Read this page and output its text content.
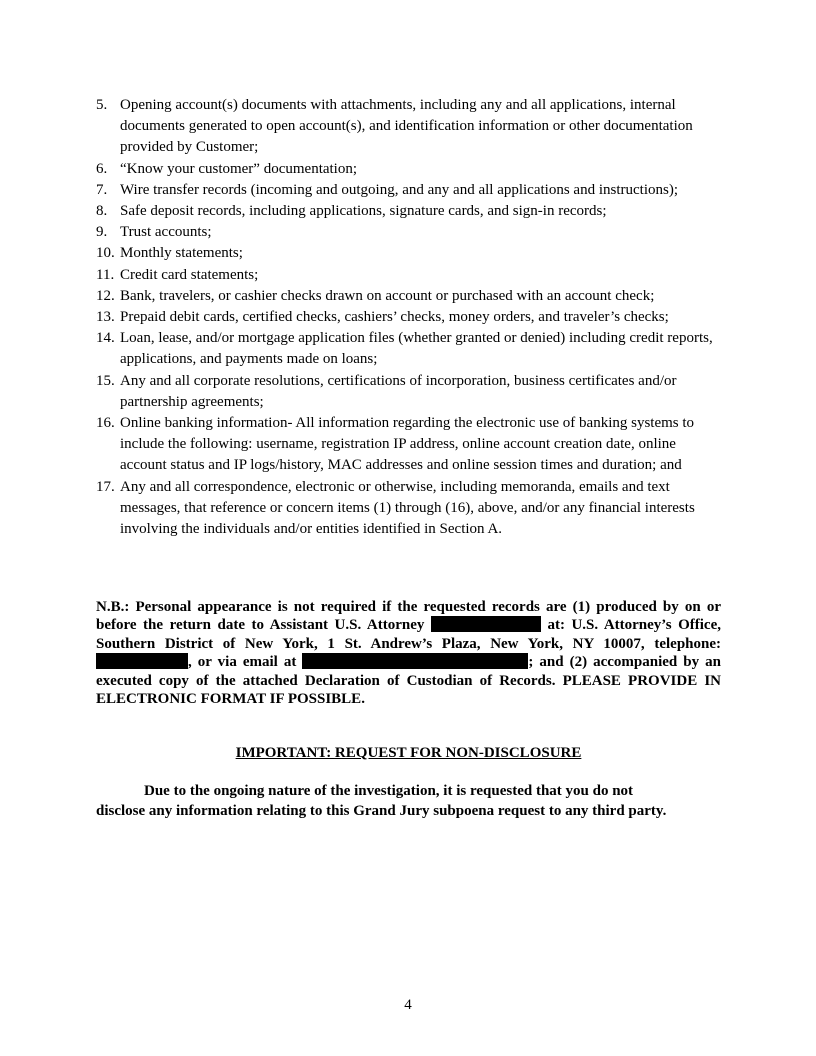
5. Opening account(s) documents with attachments, including any and all applications, internal documents generated to open account(s), and identification information or other documentation provided by Customer;
6. “Know your customer” documentation;
7. Wire transfer records (incoming and outgoing, and any and all applications and instructions);
8. Safe deposit records, including applications, signature cards, and sign-in records;
9. Trust accounts;
10. Monthly statements;
11. Credit card statements;
12. Bank, travelers, or cashier checks drawn on account or purchased with an account check;
13. Prepaid debit cards, certified checks, cashiers’ checks, money orders, and traveler’s checks;
14. Loan, lease, and/or mortgage application files (whether granted or denied) including credit reports, applications, and payments made on loans;
15. Any and all corporate resolutions, certifications of incorporation, business certificates and/or partnership agreements;
16. Online banking information- All information regarding the electronic use of banking systems to include the following: username, registration IP address, online account creation date, online account status and IP logs/history, MAC addresses and online session times and duration; and
17. Any and all correspondence, electronic or otherwise, including memoranda, emails and text messages, that reference or concern items (1) through (16), above, and/or any financial interests involving the individuals and/or entities identified in Section A.

N.B.: Personal appearance is not required if the requested records are (1) produced by on or before the return date to Assistant U.S. Attorney	at: U.S. Attorney’s Office, Southern District of New York, 1 St. Andrew’s Plaza, New York, NY 10007, telephone: , or via email at	; and (2) accompanied by an executed copy of the attached Declaration of Custodian of Records. PLEASE PROVIDE IN ELECTRONIC FORMAT IF POSSIBLE.

IMPORTANT: REQUEST FOR NON-DISCLOSURE

Due to the ongoing nature of the investigation, it is requested that you do not
disclose any information relating to this Grand Jury subpoena request to any third party.

4
